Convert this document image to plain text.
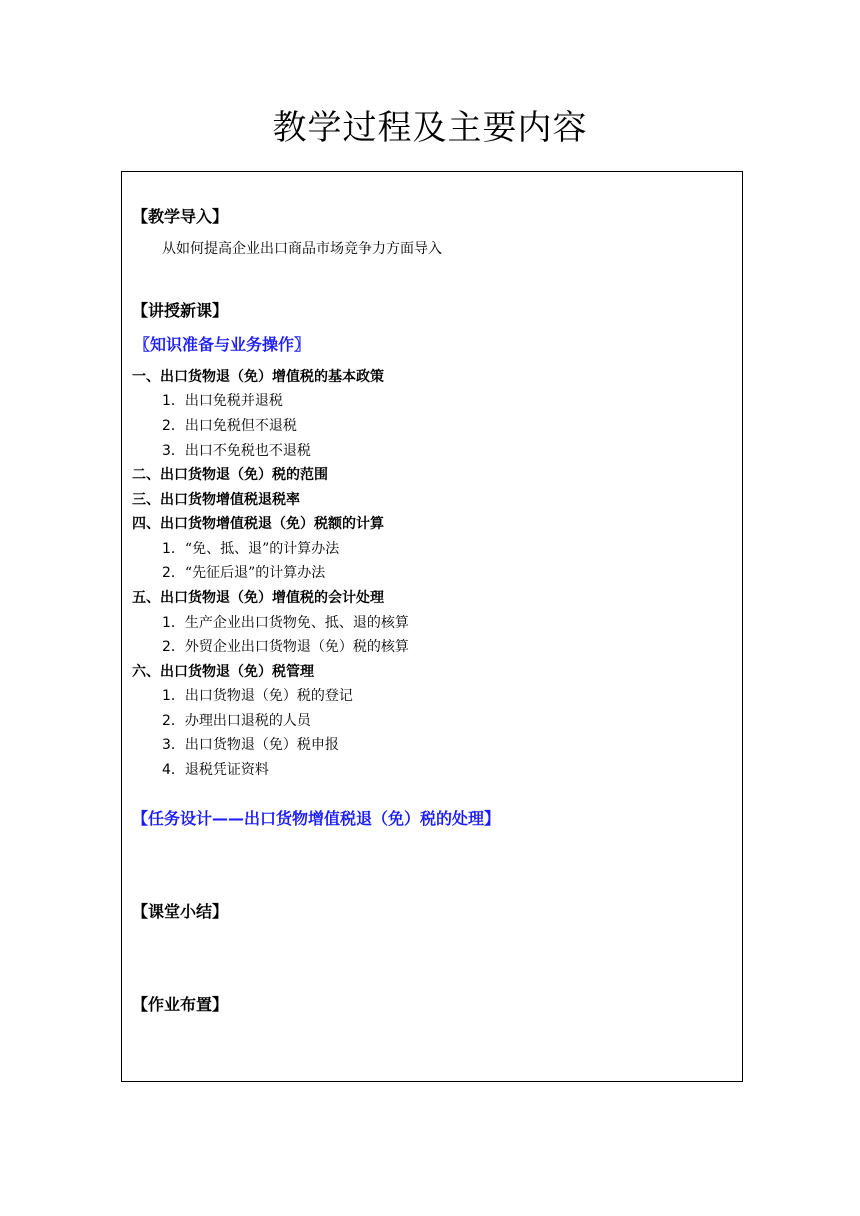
教学过程及主要内容
【教学导入】
从如何提高企业出口商品市场竞争力方面导入
【讲授新课】
〖知识准备与业务操作〗
一、出口货物退（免）增值税的基本政策
1．出口免税并退税
2．出口免税但不退税
3．出口不免税也不退税
二、出口货物退（免）税的范围
三、出口货物增值税退税率
四、出口货物增值税退（免）税额的计算
1．“免、抵、退”的计算办法
2．“先征后退”的计算办法
五、出口货物退（免）增值税的会计处理
1．生产企业出口货物免、抵、退的核算
2．外贸企业出口货物退（免）税的核算
六、出口货物退（免）税管理
1．出口货物退（免）税的登记
2．办理出口退税的人员
3．出口货物退（免）税申报
4．退税凭证资料
【任务设计——出口货物增值税退（免）税的处理】
【课堂小结】
【作业布置】
